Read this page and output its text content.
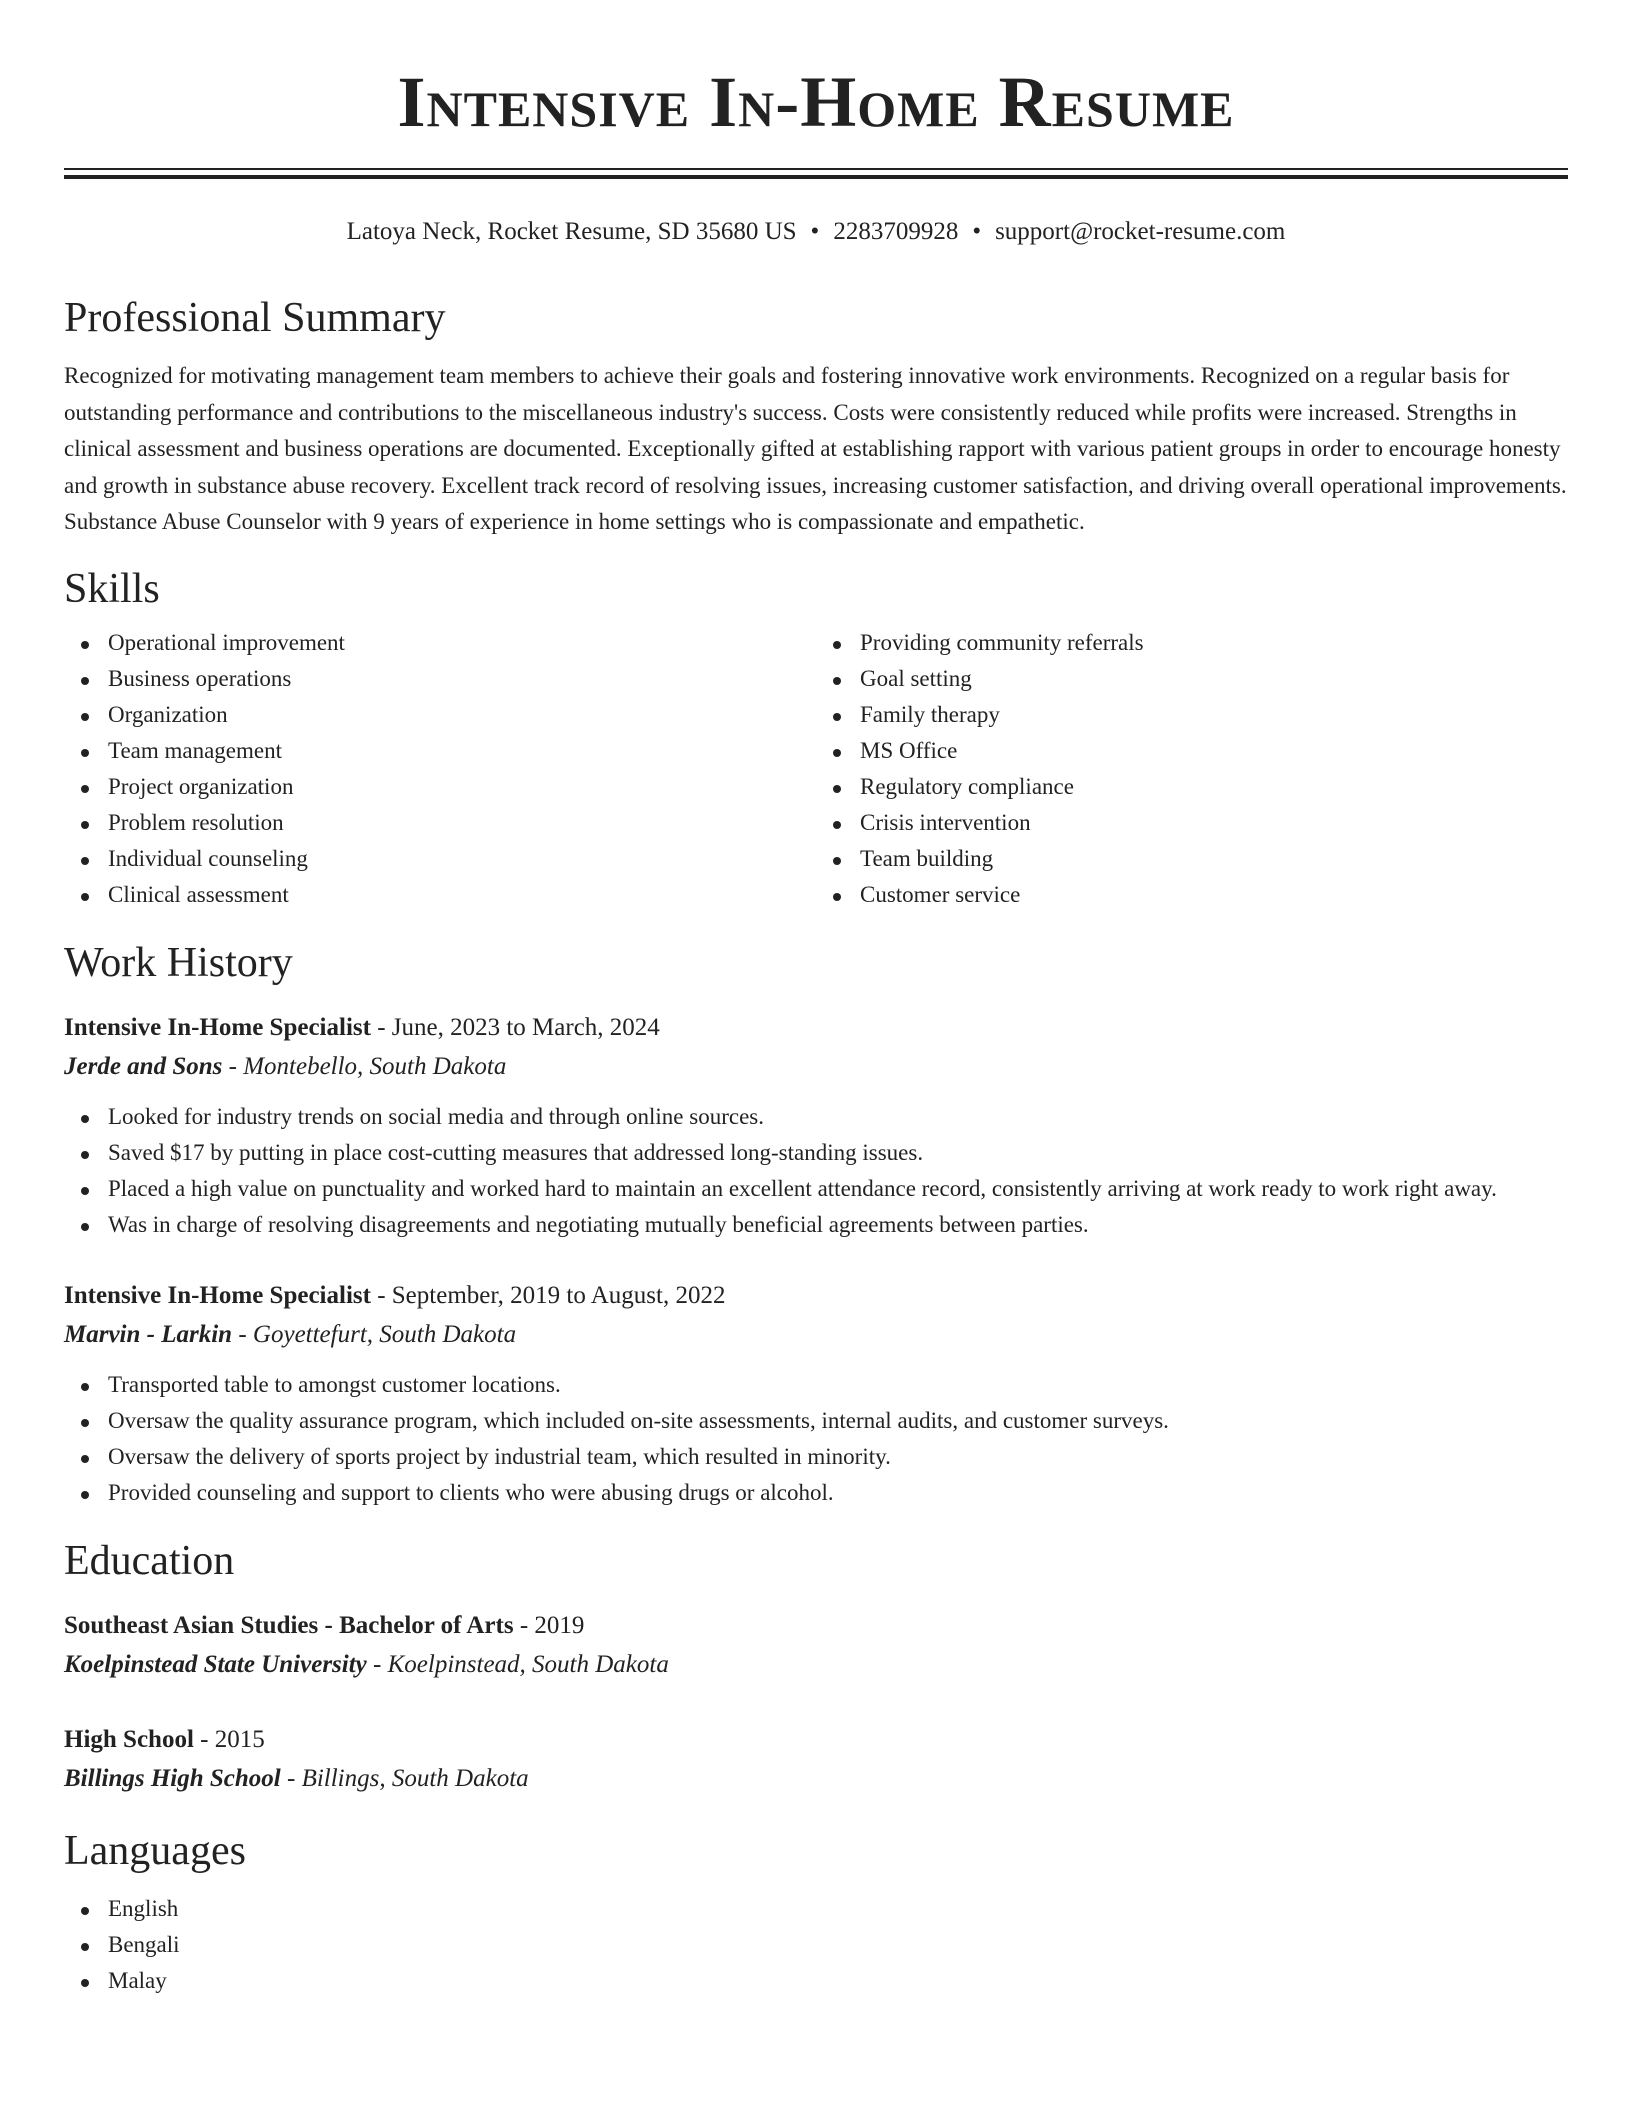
Intensive In-Home Resume
Latoya Neck, Rocket Resume, SD 35680 US • 2283709928 • support@rocket-resume.com
Professional Summary

Recognized for motivating management team members to achieve their goals and fostering innovative work environments. Recognized on a regular basis for outstanding performance and contributions to the miscellaneous industry's success. Costs were consistently reduced while profits were increased. Strengths in clinical assessment and business operations are documented. Exceptionally gifted at establishing rapport with various patient groups in order to encourage honesty and growth in substance abuse recovery. Excellent track record of resolving issues, increasing customer satisfaction, and driving overall operational improvements. Substance Abuse Counselor with 9 years of experience in home settings who is compassionate and empathetic.

Skills
Operational improvement
Business operations
Organization
Team management
Project organization
Problem resolution
Individual counseling
Clinical assessment
Providing community referrals
Goal setting
Family therapy
MS Office
Regulatory compliance
Crisis intervention
Team building
Customer service
Work History
Intensive In-Home Specialist - June, 2023 to March, 2024
Jerde and Sons - Montebello, South Dakota
Looked for industry trends on social media and through online sources.
Saved $17 by putting in place cost-cutting measures that addressed long-standing issues.
Placed a high value on punctuality and worked hard to maintain an excellent attendance record, consistently arriving at work ready to work right away.
Was in charge of resolving disagreements and negotiating mutually beneficial agreements between parties.
Intensive In-Home Specialist - September, 2019 to August, 2022
Marvin - Larkin - Goyettefurt, South Dakota
Transported table to amongst customer locations.
Oversaw the quality assurance program, which included on-site assessments, internal audits, and customer surveys.
Oversaw the delivery of sports project by industrial team, which resulted in minority.
Provided counseling and support to clients who were abusing drugs or alcohol.
Education
Southeast Asian Studies - Bachelor of Arts - 2019
Koelpinstead State University - Koelpinstead, South Dakota
High School - 2015
Billings High School - Billings, South Dakota
Languages
English
Bengali
Malay
